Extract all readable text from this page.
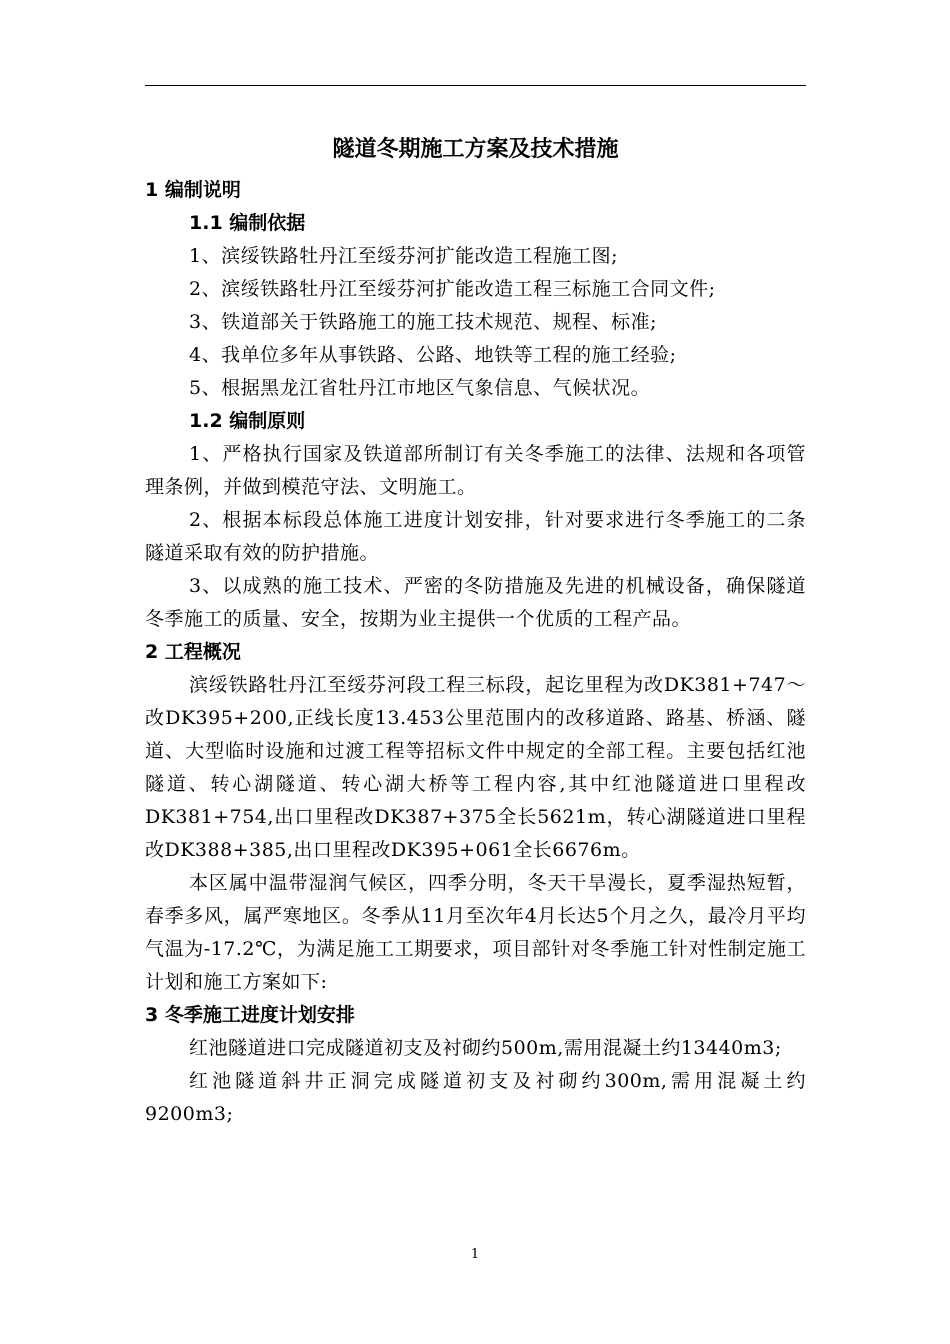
隧道冬期施工方案及技术措施
1 编制说明
1.1 编制依据

1、滨绥铁路牡丹江至绥芬河扩能改造工程施工图;

2、滨绥铁路牡丹江至绥芬河扩能改造工程三标施工合同文件;

3、铁道部关于铁路施工的施工技术规范、规程、标准;

4、我单位多年从事铁路、公路、地铁等工程的施工经验;

5、根据黑龙江省牡丹江市地区气象信息、气候状况。

1.2 编制原则

1、严格执行国家及铁道部所制订有关冬季施工的法律、法规和各项管理条例，并做到模范守法、文明施工。

2、根据本标段总体施工进度计划安排，针对要求进行冬季施工的二条隧道采取有效的防护措施。

3、以成熟的施工技术、严密的冬防措施及先进的机械设备，确保隧道冬季施工的质量、安全，按期为业主提供一个优质的工程产品。

2 工程概况

滨绥铁路牡丹江至绥芬河段工程三标段，起讫里程为改DK381+747～改DK395+200,正线长度13.453公里范围内的改移道路、路基、桥涵、隧道、大型临时设施和过渡工程等招标文件中规定的全部工程。主要包括红池隧道、转心湖隧道、转心湖大桥等工程内容,其中红池隧道进口里程改DK381+754,出口里程改DK387+375全长5621m，转心湖隧道进口里程改DK388+385,出口里程改DK395+061全长6676m。

本区属中温带湿润气候区，四季分明，冬天干旱漫长，夏季湿热短暂，春季多风，属严寒地区。冬季从11月至次年4月长达5个月之久，最冷月平均气温为-17.2℃，为满足施工工期要求，项目部针对冬季施工针对性制定施工计划和施工方案如下:

3 冬季施工进度计划安排

红池隧道进口完成隧道初支及衬砌约500m,需用混凝土约13440m3;

红池隧道斜井正洞完成隧道初支及衬砌约300m,需用混凝土约9200m3;

1
